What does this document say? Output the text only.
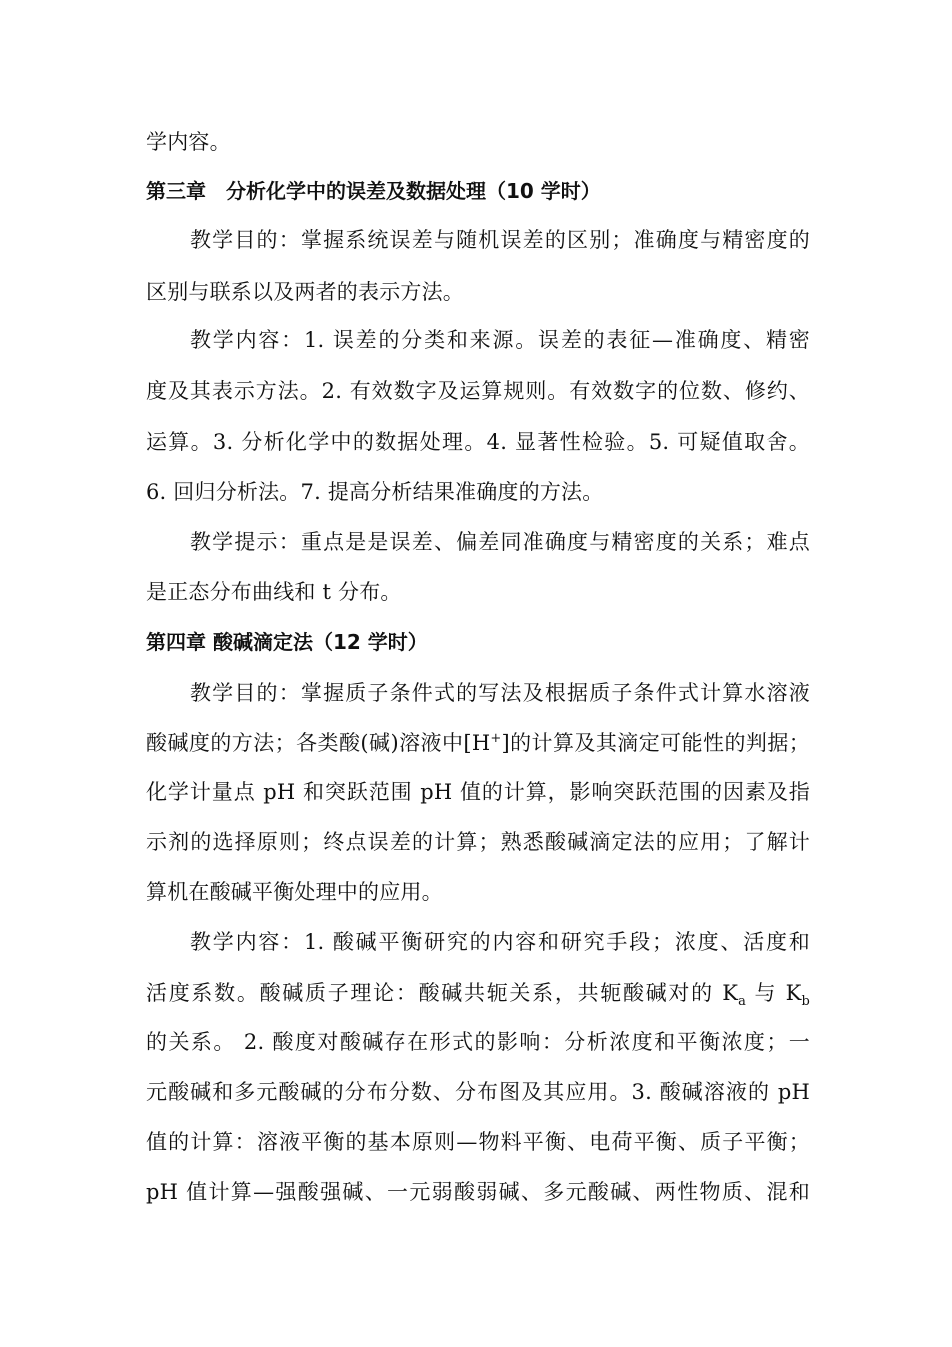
学内容。
第三章　分析化学中的误差及数据处理（10 学时）
教学目的：掌握系统误差与随机误差的区别；准确度与精密度的
区别与联系以及两者的表示方法。
教学内容：1. 误差的分类和来源。误差的表征—准确度、精密
度及其表示方法。2. 有效数字及运算规则。有效数字的位数、修约、
运算。3. 分析化学中的数据处理。4. 显著性检验。5. 可疑值取舍。
6. 回归分析法。7. 提高分析结果准确度的方法。
教学提示：重点是是误差、偏差同准确度与精密度的关系；难点
是正态分布曲线和 t 分布。
第四章 酸碱滴定法（12 学时）
教学目的：掌握质子条件式的写法及根据质子条件式计算水溶液
酸碱度的方法；各类酸(碱)溶液中[H+]的计算及其滴定可能性的判据；
化学计量点 pH 和突跃范围 pH 值的计算，影响突跃范围的因素及指
示剂的选择原则；终点误差的计算；熟悉酸碱滴定法的应用；了解计
算机在酸碱平衡处理中的应用。
教学内容：1. 酸碱平衡研究的内容和研究手段；浓度、活度和
活度系数。酸碱质子理论：酸碱共轭关系，共轭酸碱对的 $K_a$ 与 $K_b$
的关系。 2. 酸度对酸碱存在形式的影响：分析浓度和平衡浓度；一
元酸碱和多元酸碱的分布分数、分布图及其应用。3. 酸碱溶液的 pH
值的计算：溶液平衡的基本原则—物料平衡、电荷平衡、质子平衡；
pH 值计算—强酸强碱、一元弱酸弱碱、多元酸碱、两性物质、混和
